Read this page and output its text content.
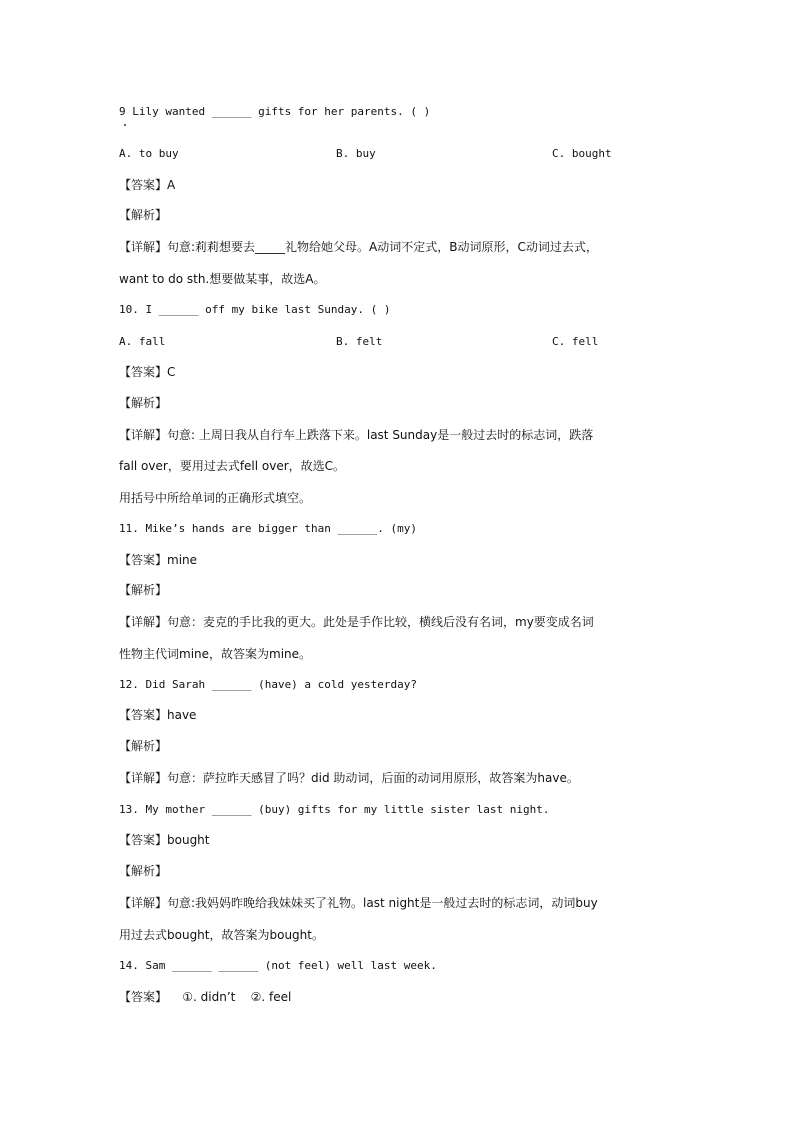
9 Lily wanted ______ gifts for her parents. ( )
A. to buy	B. buy	C. bought
【答案】A
【解析】
【详解】句意:莉莉想要去_____礼物给她父母。A动词不定式，B动词原形，C动词过去式，
want to do sth.想要做某事，故选A。
10. I ______ off my bike last Sunday. ( )
A. fall	B. felt	C. fell
【答案】C
【解析】
【详解】句意: 上周日我从自行车上跌落下来。last Sunday是一般过去时的标志词，跌落
fall over，要用过去式fell over，故选C。
用括号中所给单词的正确形式填空。
11. Mike’s hands are bigger than ______. (my)
【答案】mine
【解析】
【详解】句意：麦克的手比我的更大。此处是手作比较，横线后没有名词，my要变成名词
性物主代词mine，故答案为mine。
12. Did Sarah ______ (have) a cold yesterday?
【答案】have
【解析】
【详解】句意：萨拉昨天感冒了吗？did 助动词，后面的动词用原形，故答案为have。
13. My mother ______ (buy) gifts for my little sister last night.
【答案】bought
【解析】
【详解】句意:我妈妈昨晚给我妹妹买了礼物。last night是一般过去时的标志词，动词buy
用过去式bought，故答案为bought。
14. Sam ______ ______ (not feel) well last week.
【答案】    ①. didn’t    ②. feel
